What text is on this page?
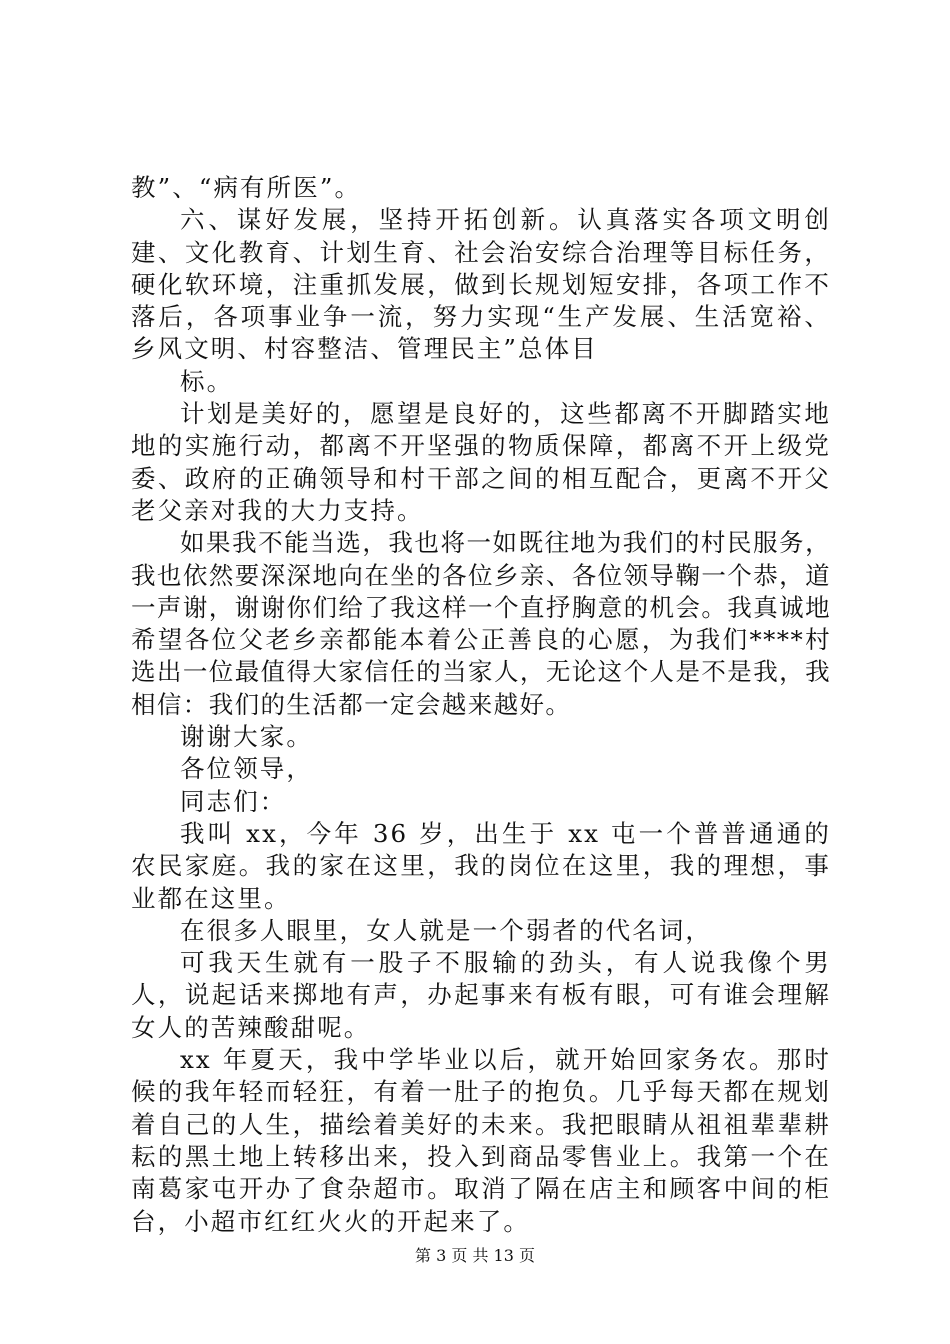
教”、“病有所医”。

六、谋好发展，坚持开拓创新。认真落实各项文明创建、文化教育、计划生育、社会治安综合治理等目标任务，硬化软环境，注重抓发展，做到长规划短安排，各项工作不落后，各项事业争一流，努力实现“生产发展、生活宽裕、乡风文明、村容整洁、管理民主”总体目

标。

计划是美好的，愿望是良好的，这些都离不开脚踏实地地的实施行动，都离不开坚强的物质保障，都离不开上级党委、政府的正确领导和村干部之间的相互配合，更离不开父老父亲对我的大力支持。

如果我不能当选，我也将一如既往地为我们的村民服务，我也依然要深深地向在坐的各位乡亲、各位领导鞠一个恭，道一声谢，谢谢你们给了我这样一个直抒胸意的机会。我真诚地希望各位父老乡亲都能本着公正善良的心愿，为我们****村选出一位最值得大家信任的当家人，无论这个人是不是我，我相信：我们的生活都一定会越来越好。

谢谢大家。

各位领导，

同志们：

我叫 xx，今年 36 岁，出生于 xx 屯一个普普通通的农民家庭。我的家在这里，我的岗位在这里，我的理想，事业都在这里。

在很多人眼里，女人就是一个弱者的代名词，

可我天生就有一股子不服输的劲头，有人说我像个男人，说起话来掷地有声，办起事来有板有眼，可有谁会理解女人的苦辣酸甜呢。

xx 年夏天，我中学毕业以后，就开始回家务农。那时候的我年轻而轻狂，有着一肚子的抱负。几乎每天都在规划着自己的人生，描绘着美好的未来。我把眼睛从祖祖辈辈耕耘的黑土地上转移出来，投入到商品零售业上。我第一个在南葛家屯开办了食杂超市。取消了隔在店主和顾客中间的柜台，小超市红红火火的开起来了。

第 3 页 共 13 页
